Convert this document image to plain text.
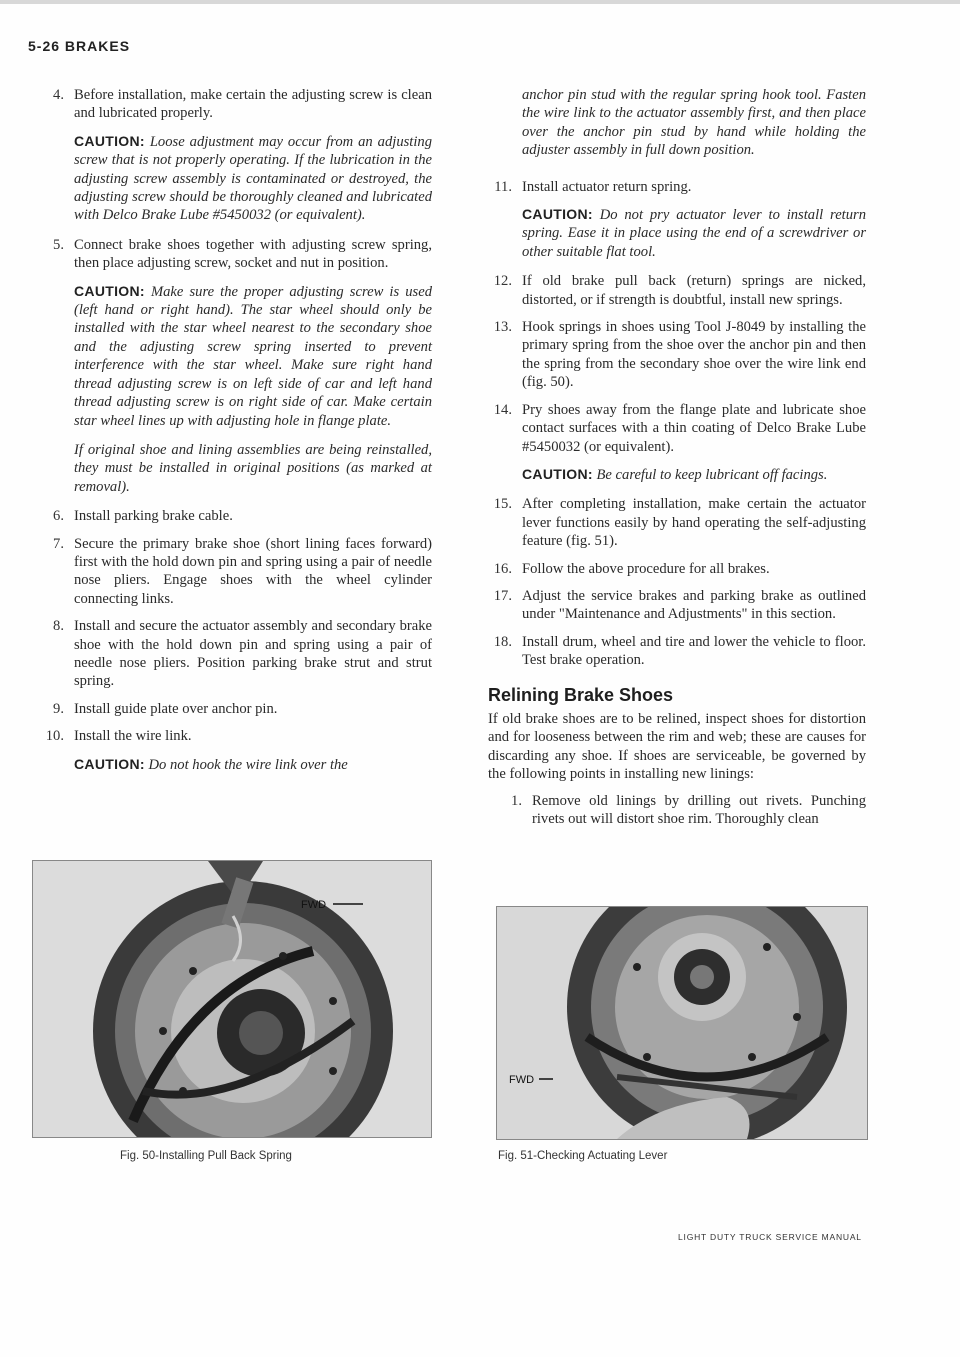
5-26 BRAKES
4. Before installation, make certain the adjusting screw is clean and lubricated properly.
CAUTION: Loose adjustment may occur from an adjusting screw that is not properly operating. If the lubrication in the adjusting screw assembly is contaminated or destroyed, the adjusting screw should be thoroughly cleaned and lubricated with Delco Brake Lube #5450032 (or equivalent).
5. Connect brake shoes together with adjusting screw spring, then place adjusting screw, socket and nut in position.
CAUTION: Make sure the proper adjusting screw is used (left hand or right hand). The star wheel should only be installed with the star wheel nearest to the secondary shoe and the adjusting screw spring inserted to prevent interference with the star wheel. Make sure right hand thread adjusting screw is on left side of car and left hand thread adjusting screw is on right side of car. Make certain star wheel lines up with adjusting hole in flange plate.
If original shoe and lining assemblies are being reinstalled, they must be installed in original positions (as marked at removal).
6. Install parking brake cable.
7. Secure the primary brake shoe (short lining faces forward) first with the hold down pin and spring using a pair of needle nose pliers. Engage shoes with the wheel cylinder connecting links.
8. Install and secure the actuator assembly and secondary brake shoe with the hold down pin and spring using a pair of needle nose pliers. Position parking brake strut and strut spring.
9. Install guide plate over anchor pin.
10. Install the wire link.
CAUTION: Do not hook the wire link over the
anchor pin stud with the regular spring hook tool. Fasten the wire link to the actuator assembly first, and then place over the anchor pin stud by hand while holding the adjuster assembly in full down position.
11. Install actuator return spring.
CAUTION: Do not pry actuator lever to install return spring. Ease it in place using the end of a screwdriver or other suitable flat tool.
12. If old brake pull back (return) springs are nicked, distorted, or if strength is doubtful, install new springs.
13. Hook springs in shoes using Tool J-8049 by installing the primary spring from the shoe over the anchor pin and then the spring from the secondary shoe over the wire link end (fig. 50).
14. Pry shoes away from the flange plate and lubricate shoe contact surfaces with a thin coating of Delco Brake Lube #5450032 (or equivalent).
CAUTION: Be careful to keep lubricant off facings.
15. After completing installation, make certain the actuator lever functions easily by hand operating the self-adjusting feature (fig. 51).
16. Follow the above procedure for all brakes.
17. Adjust the service brakes and parking brake as outlined under "Maintenance and Adjustments" in this section.
18. Install drum, wheel and tire and lower the vehicle to floor. Test brake operation.
Relining Brake Shoes
If old brake shoes are to be relined, inspect shoes for distortion and for looseness between the rim and web; these are causes for discarding any shoe. If shoes are serviceable, be governed by the following points in installing new linings:
1. Remove old linings by drilling out rivets. Punching rivets out will distort shoe rim. Thoroughly clean
FWD
Fig. 50-Installing Pull Back Spring
FWD
Fig. 51-Checking Actuating Lever
LIGHT DUTY TRUCK SERVICE MANUAL
